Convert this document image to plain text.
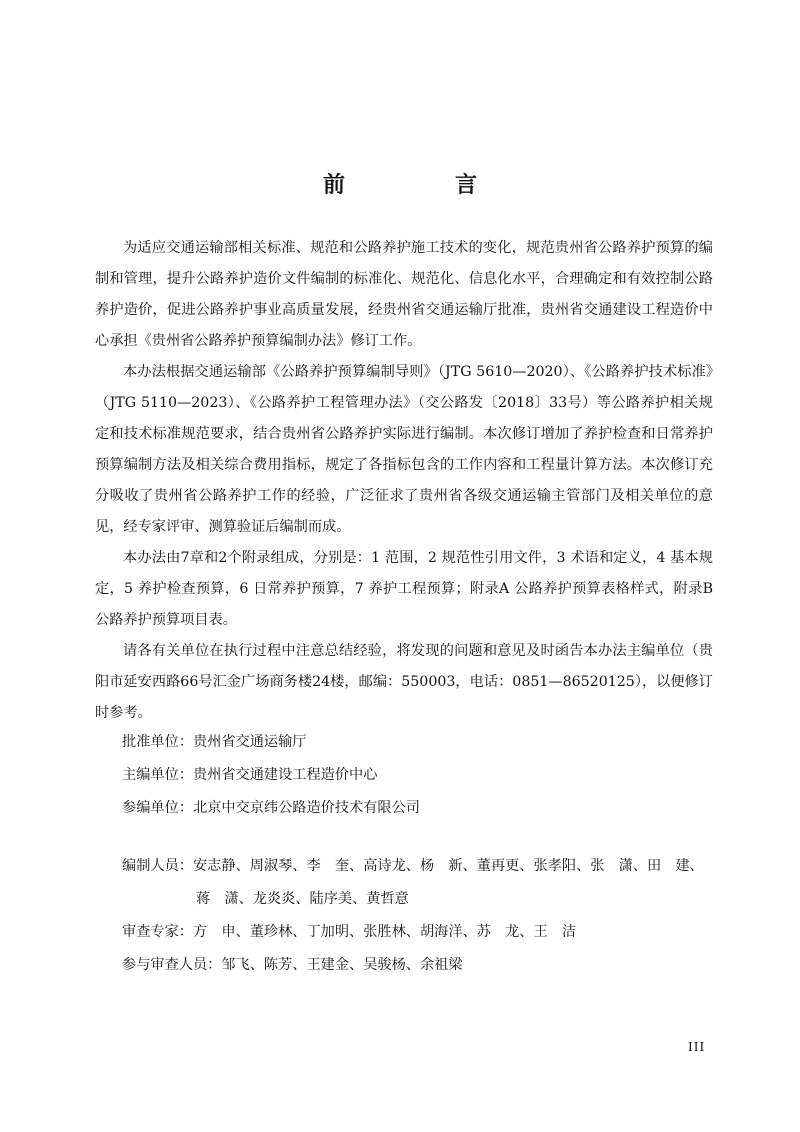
前　言

为适应交通运输部相关标准、规范和公路养护施工技术的变化，规范贵州省公路养护预算的编制和管理，提升公路养护造价文件编制的标准化、规范化、信息化水平，合理确定和有效控制公路养护造价，促进公路养护事业高质量发展，经贵州省交通运输厅批准，贵州省交通建设工程造价中心承担《贵州省公路养护预算编制办法》修订工作。

本办法根据交通运输部《公路养护预算编制导则》（JTG 5610—2020）、《公路养护技术标准》（JTG 5110—2023）、《公路养护工程管理办法》（交公路发〔2018〕33号）等公路养护相关规定和技术标准规范要求，结合贵州省公路养护实际进行编制。本次修订增加了养护检查和日常养护预算编制方法及相关综合费用指标，规定了各指标包含的工作内容和工程量计算方法。本次修订充分吸收了贵州省公路养护工作的经验，广泛征求了贵州省各级交通运输主管部门及相关单位的意见，经专家评审、测算验证后编制而成。

本办法由7章和2个附录组成，分别是：1 范围，2 规范性引用文件，3 术语和定义，4 基本规定，5 养护检查预算，6 日常养护预算，7 养护工程预算；附录A 公路养护预算表格样式，附录B 公路养护预算项目表。

请各有关单位在执行过程中注意总结经验，将发现的问题和意见及时函告本办法主编单位（贵阳市延安西路66号汇金广场商务楼24楼，邮编：550003，电话：0851—86520125），以便修订时参考。

批准单位：贵州省交通运输厅
主编单位：贵州省交通建设工程造价中心
参编单位：北京中交京纬公路造价技术有限公司
编制人员：安志静、周淑琴、李　奎、高诗龙、杨　新、董再更、张孝阳、张　潇、田　建、
蒋　潇、龙炎炎、陆序美、黄哲意
审查专家：方　申、董珍林、丁加明、张胜林、胡海洋、苏　龙、王　洁
参与审查人员：邹飞、陈芳、王建金、吴骏杨、余祖梁
III
